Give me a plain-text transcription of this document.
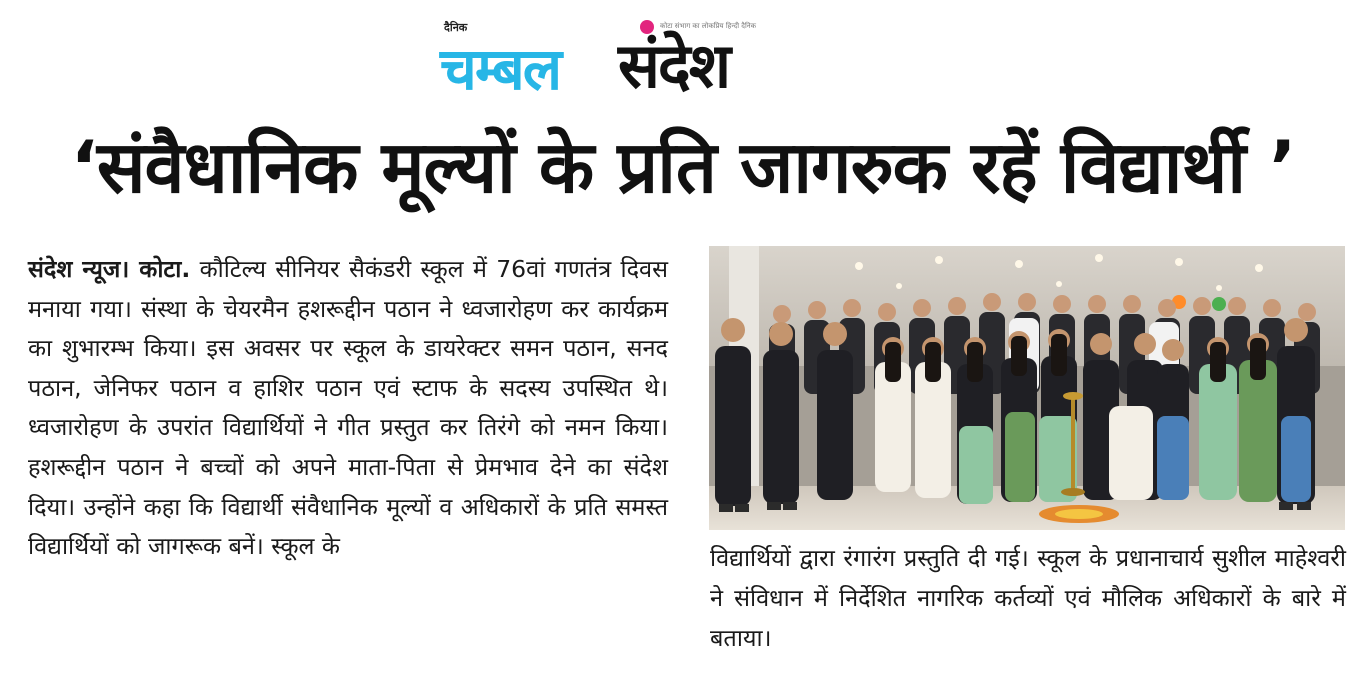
दैनिक	कोटा संभाग का लोकप्रिय हिन्दी दैनिक
चम्बल संदेश
‘संवैधानिक मूल्यों के प्रति जागरुक रहें विद्यार्थी ’
संदेश न्यूज। कोटा. कौटिल्य सीनियर सैकंडरी स्कूल में 76वां गणतंत्र दिवस मनाया गया। संस्था के चेयरमैन हशरूद्दीन पठान ने ध्वजारोहण कर कार्यक्रम का शुभारम्भ किया। इस अवसर पर स्कूल के डायरेक्टर समन पठान, सनद पठान, जेनिफर पठान व हाशिर पठान एवं स्टाफ के सदस्य उपस्थित थे। ध्वजारोहण के उपरांत विद्यार्थियों ने गीत प्रस्तुत कर तिरंगे को नमन किया। हशरूद्दीन पठान ने बच्चों को अपने माता-पिता से प्रेमभाव देने का संदेश दिया। उन्होंने कहा कि विद्यार्थी संवैधानिक मूल्यों व अधिकारों के प्रति समस्त विद्यार्थियों को जागरूक बनें। स्कूल के	विद्यार्थियों द्वारा रंगारंग प्रस्तुति दी गई। स्कूल के प्रधानाचार्य सुशील माहेश्वरी ने संविधान में निर्देशित नागरिक कर्तव्यों एवं मौलिक अधिकारों के बारे में बताया।
